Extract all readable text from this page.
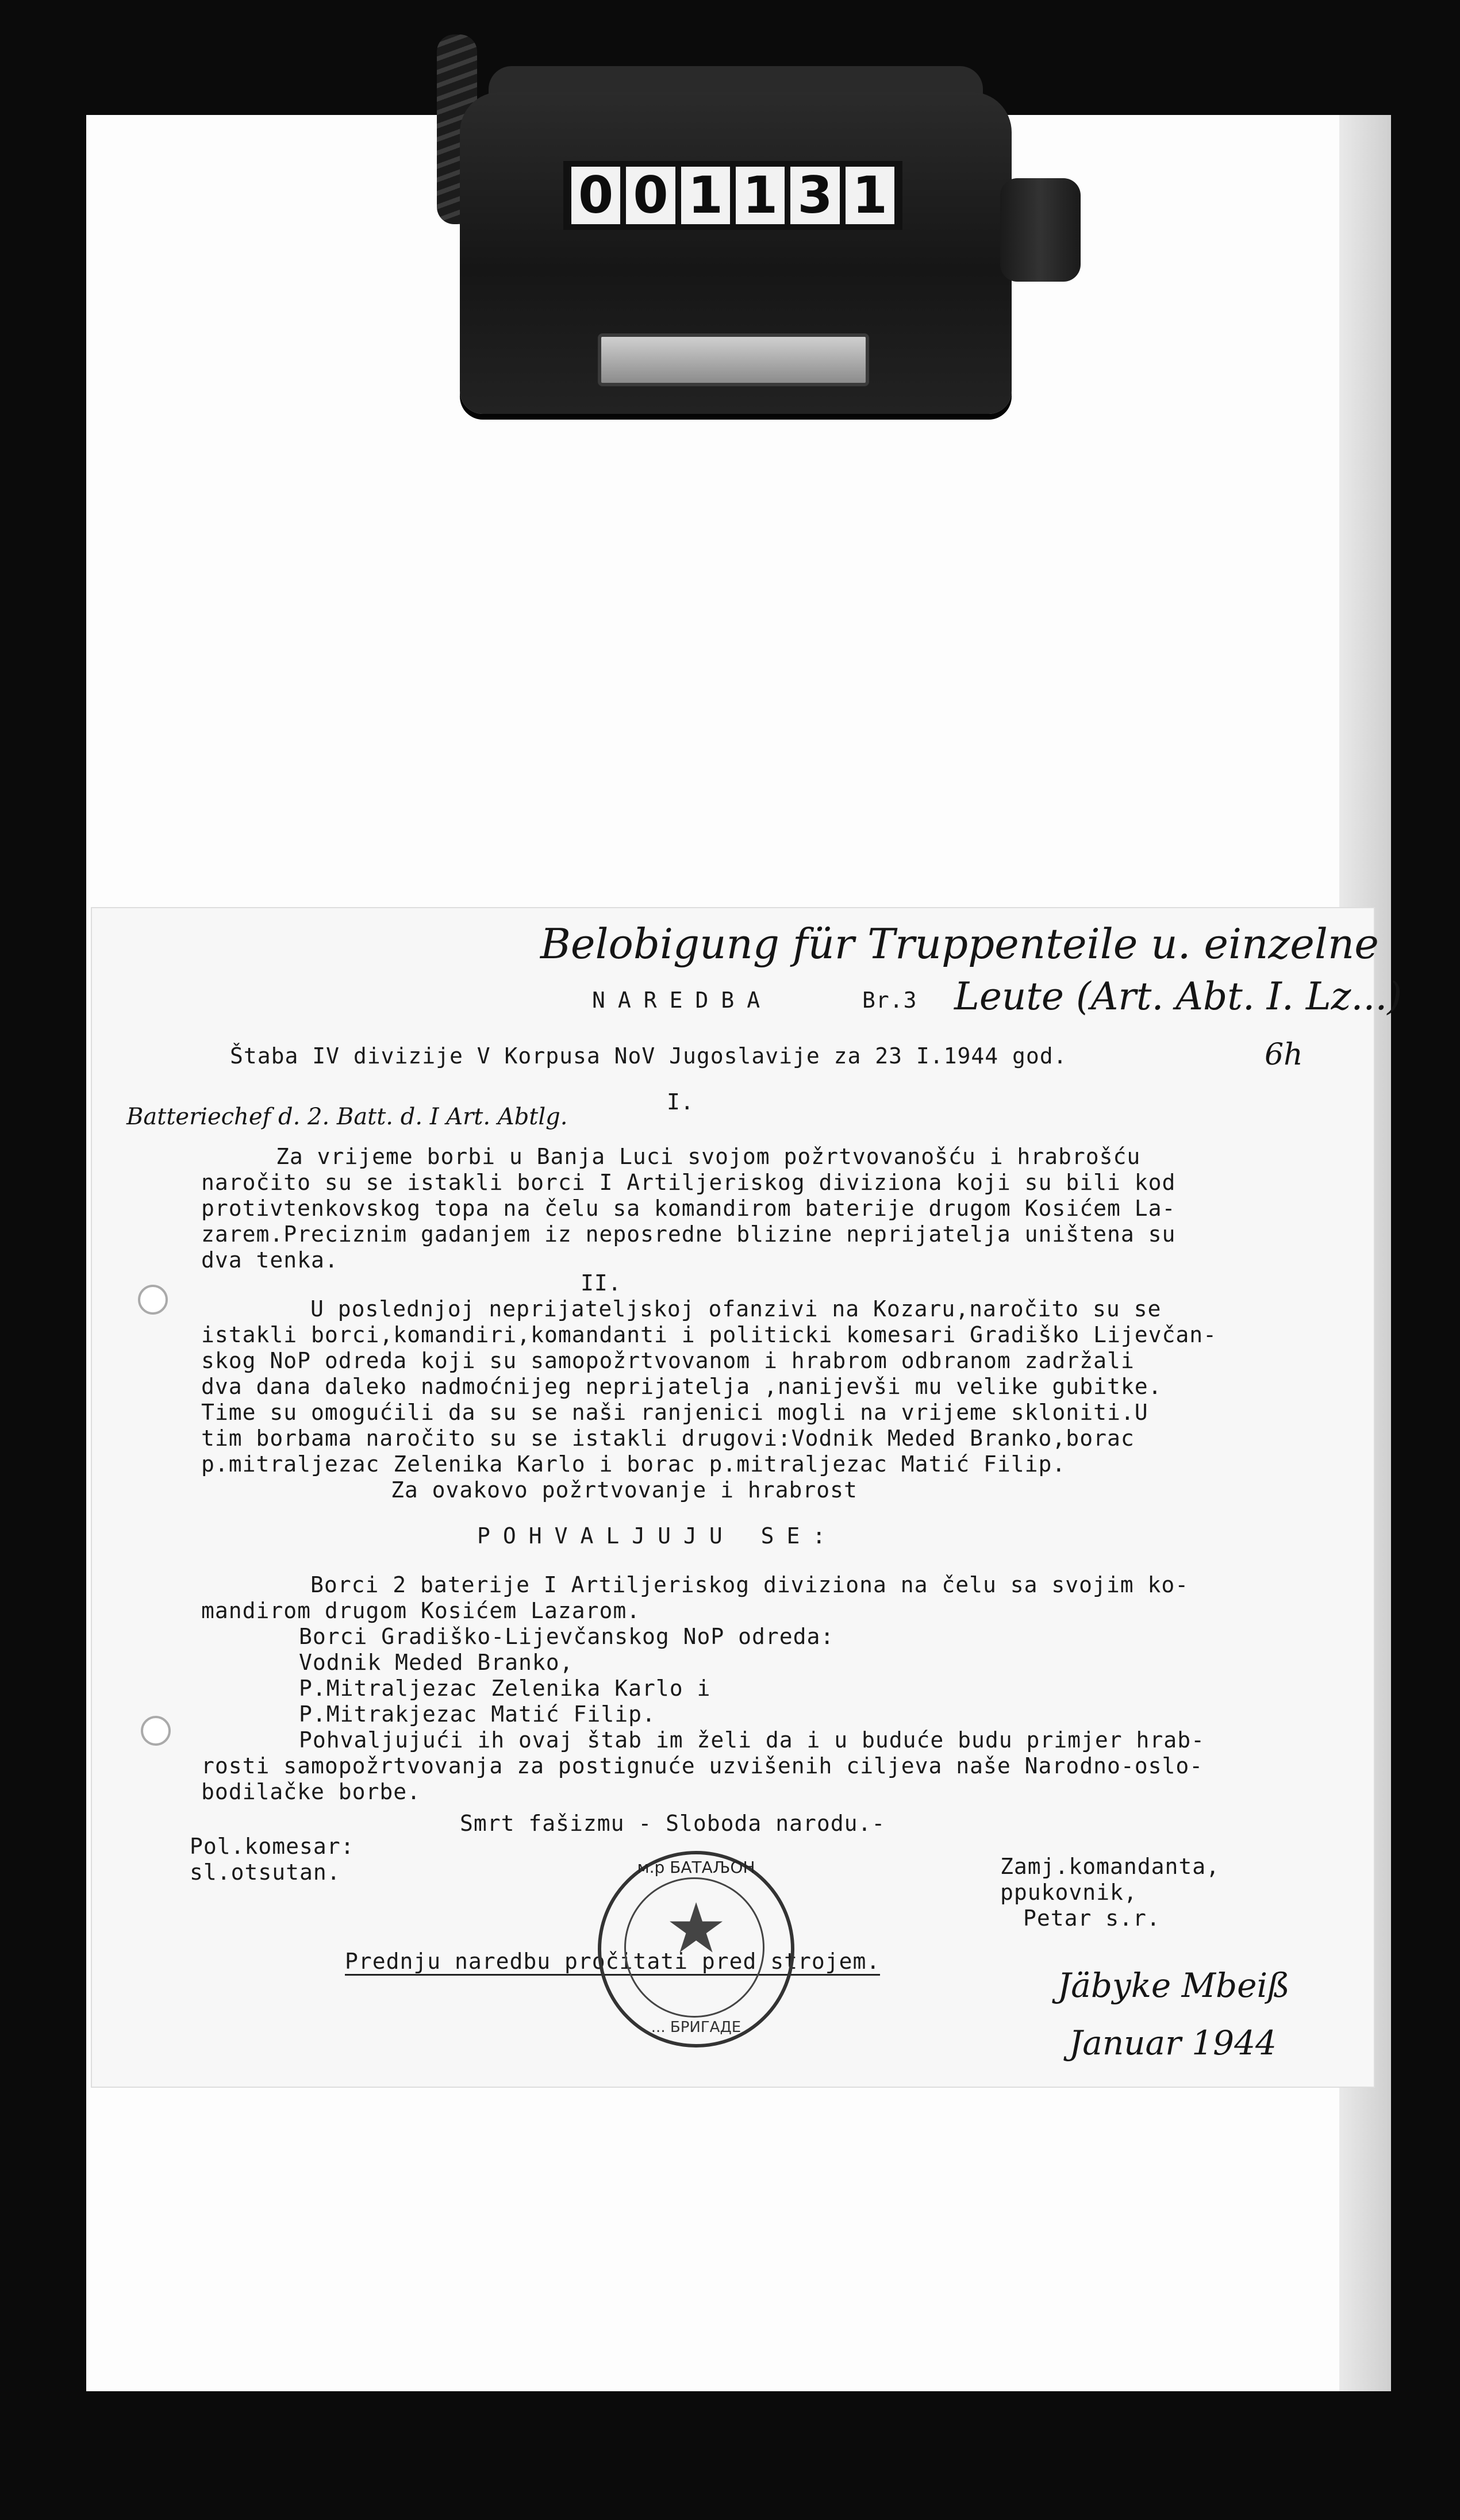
0 0 1 1 3 1
Belobigung für Truppenteile u. einzelne
Leute (Art. Abt. I. Lz...)
6h
Batteriechef d. 2. Batt. d. I Art. Abtlg.
NAREDBA	Br.3
Štaba IV divizije V Korpusa NoV Jugoslavije za 23 I.1944 god.
I.
Za vrijeme borbi u Banja Luci svojom požrtvovanošću i hrabrošću
naročito su se istakli borci I Artiljeriskog diviziona koji su bili kod
protivtenkovskog topa na čelu sa komandirom baterije drugom Kosićem La-
zarem.Preciznim gadanjem iz neposredne blizine neprijatelja uništena su
dva tenka.
II.
U poslednjoj neprijateljskoj ofanzivi na Kozaru,naročito su se
istakli borci,komandiri,komandanti i politicki komesari Gradiško Lijevčan-
skog NoP odreda koji su samopožrtvovanom i hrabrom odbranom zadržali
dva dana daleko nadmoćnijeg neprijatelja ,nanijevši mu velike gubitke.
Time su omogućili da su se naši ranjenici mogli na vrijeme skloniti.U
tim borbama naročito su se istakli drugovi:Vodnik Meded Branko,borac
p.mitraljezac Zelenika Karlo i borac p.mitraljezac Matić Filip.
Za ovakovo požrtvovanje i hrabrost
POHVALJUJU SE:
Borci 2 baterije I Artiljeriskog diviziona na čelu sa svojim ko-
mandirom drugom Kosićem Lazarom.
Borci Gradiško-Lijevčanskog NoP odreda:
Vodnik Meded Branko,
P.Mitraljezac Zelenika Karlo i
P.Mitrakjezac Matić Filip.
Pohvaljujući ih ovaj štab im želi da i u buduće budu primjer hrab-
rosti samopožrtvovanja za postignuće uzvišenih ciljeva naše Narodno-oslo-
bodilačke borbe.
Smrt fašizmu - Sloboda narodu.-
Pol.komesar:
sl.otsutan.	Zamj.komandanta,
ppukovnik,
Petar s.r.
Prednju naredbu pročitati pred strojem.
м.р БАТАЉОН
★
... БРИГАДЕ
Jäbyke Mbeiß
Januar 1944
